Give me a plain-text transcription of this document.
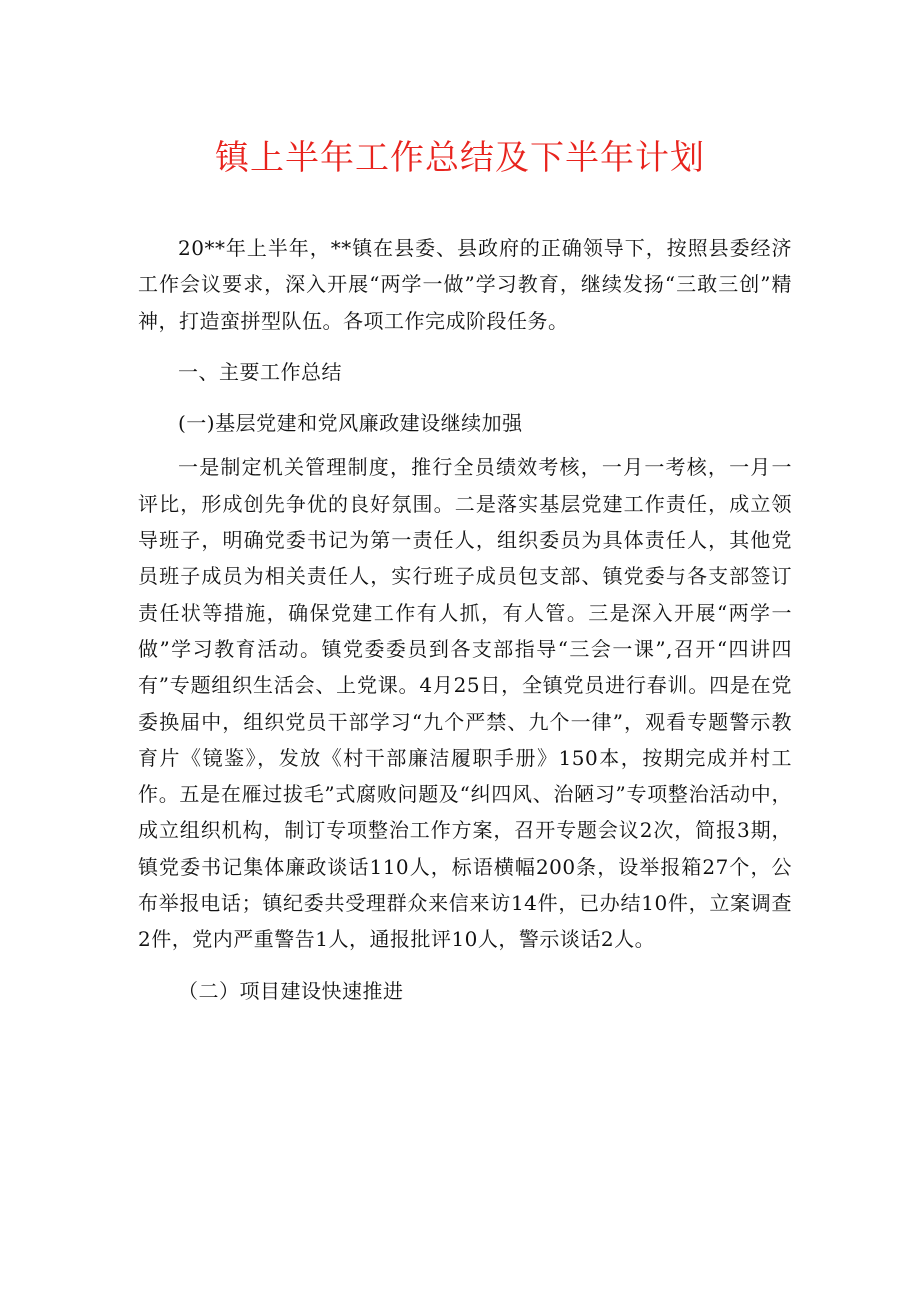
镇上半年工作总结及下半年计划

20**年上半年，**镇在县委、县政府的正确领导下，按照县委经济工作会议要求，深入开展“两学一做”学习教育，继续发扬“三敢三创”精神，打造蛮拼型队伍。各项工作完成阶段任务。

一、主要工作总结

(一)基层党建和党风廉政建设继续加强

一是制定机关管理制度，推行全员绩效考核，一月一考核，一月一评比，形成创先争优的良好氛围。二是落实基层党建工作责任，成立领导班子，明确党委书记为第一责任人，组织委员为具体责任人，其他党员班子成员为相关责任人，实行班子成员包支部、镇党委与各支部签订责任状等措施，确保党建工作有人抓，有人管。三是深入开展“两学一做”学习教育活动。镇党委委员到各支部指导“三会一课”,召开“四讲四有”专题组织生活会、上党课。4月25日，全镇党员进行春训。四是在党委换届中，组织党员干部学习“九个严禁、九个一律”，观看专题警示教育片《镜鉴》，发放《村干部廉洁履职手册》150本，按期完成并村工作。五是在雁过拔毛”式腐败问题及“纠四风、治陋习”专项整治活动中，成立组织机构，制订专项整治工作方案，召开专题会议2次，简报3期，镇党委书记集体廉政谈话110人，标语横幅200条，设举报箱27个，公布举报电话；镇纪委共受理群众来信来访14件，已办结10件，立案调查2件，党内严重警告1人，通报批评10人，警示谈话2人。

（二）项目建设快速推进
